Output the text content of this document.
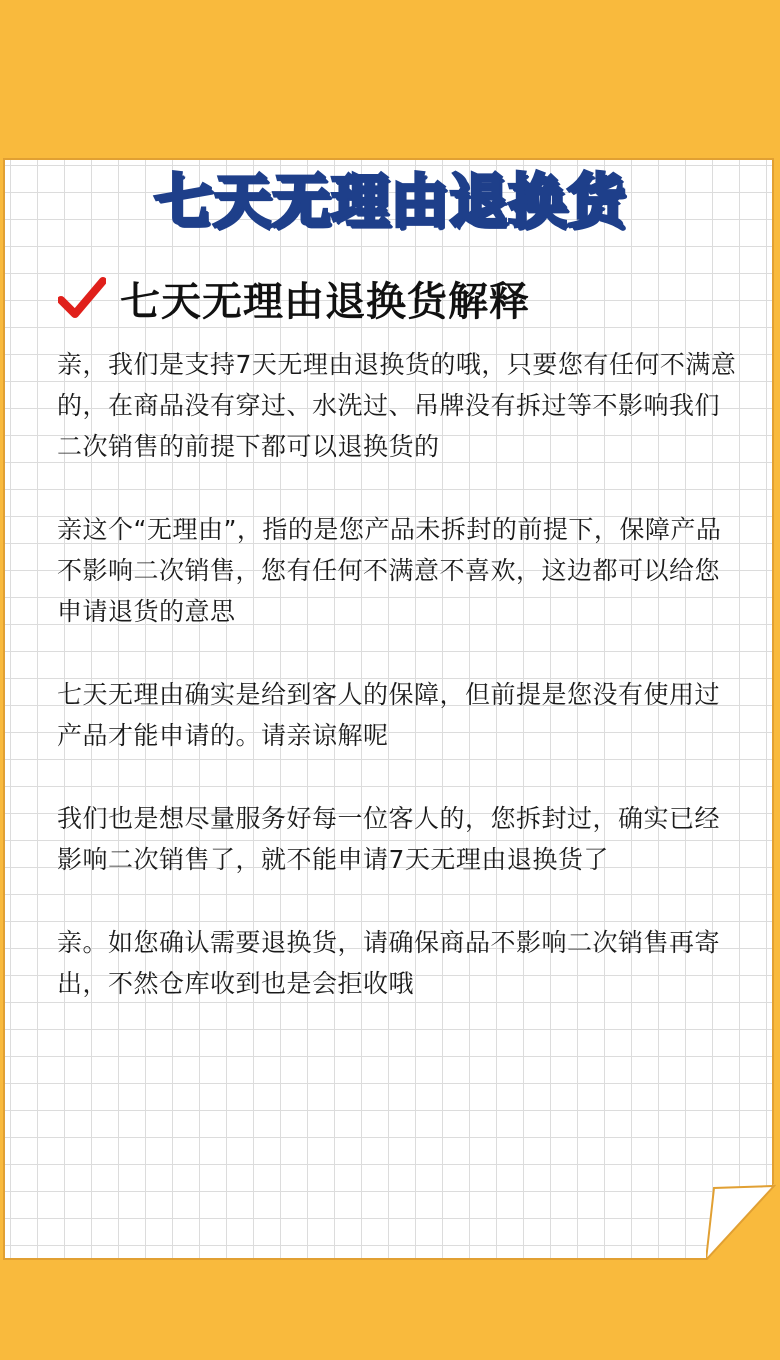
七天无理由退换货
七天无理由退换货解释

亲，我们是支持7天无理由退换货的哦，只要您有任何不满意的，在商品没有穿过、水洗过、吊牌没有拆过等不影响我们二次销售的前提下都可以退换货的

亲这个“无理由”，指的是您产品未拆封的前提下，保障产品不影响二次销售，您有任何不满意不喜欢，这边都可以给您申请退货的意思

七天无理由确实是给到客人的保障，但前提是您没有使用过产品才能申请的。请亲谅解呢

我们也是想尽量服务好每一位客人的，您拆封过，确实已经影响二次销售了，就不能申请7天无理由退换货了

亲。如您确认需要退换货，请确保商品不影响二次销售再寄出，不然仓库收到也是会拒收哦
